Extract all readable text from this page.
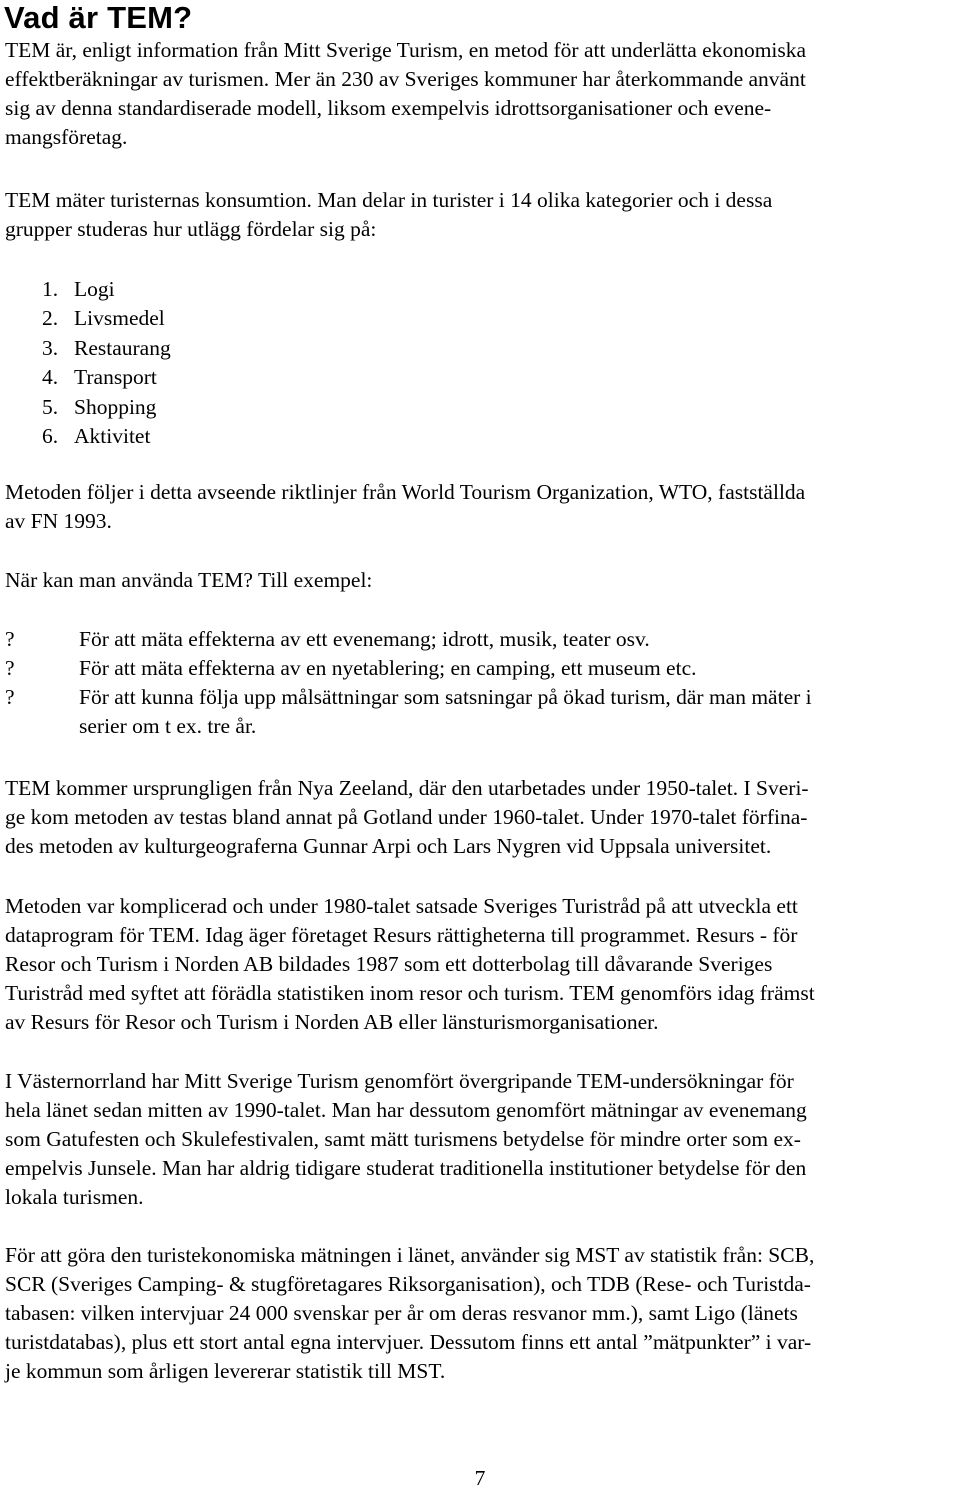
Vad är TEM?
TEM är, enligt information från Mitt Sverige Turism, en metod för att underlätta ekonomiska
effektberäkningar av turismen. Mer än 230 av Sveriges kommuner har återkommande använt
sig av denna standardiserade modell, liksom exempelvis idrottsorganisationer och evene-
mangsföretag.
TEM mäter turisternas konsumtion. Man delar in turister i 14 olika kategorier och i dessa
grupper studeras hur utlägg fördelar sig på:
1. Logi
2. Livsmedel
3. Restaurang
4. Transport
5. Shopping
6. Aktivitet
Metoden följer i detta avseende riktlinjer från World Tourism Organization, WTO, fastställda
av FN 1993.
När kan man använda TEM? Till exempel:
?	För att mäta effekterna av ett evenemang; idrott, musik, teater osv.
?	För att mäta effekterna av en nyetablering; en camping, ett museum etc.
?	För att kunna följa upp målsättningar som satsningar på ökad turism, där man mäter i
serier om t ex. tre år.
TEM kommer ursprungligen från Nya Zeeland, där den utarbetades under 1950-talet. I Sveri-
ge kom metoden av testas bland annat på Gotland under 1960-talet. Under 1970-talet förfina-
des metoden av kulturgeograferna Gunnar Arpi och Lars Nygren vid Uppsala universitet.
Metoden var komplicerad och under 1980-talet satsade Sveriges Turistråd på att utveckla ett
dataprogram för TEM. Idag äger företaget Resurs rättigheterna till programmet. Resurs - för
Resor och Turism i Norden AB bildades 1987 som ett dotterbolag till dåvarande Sveriges
Turistråd med syftet att förädla statistiken inom resor och turism. TEM genomförs idag främst
av Resurs för Resor och Turism i Norden AB eller länsturismorganisationer.
I Västernorrland har Mitt Sverige Turism genomfört övergripande TEM-undersökningar för
hela länet sedan mitten av 1990-talet. Man har dessutom genomfört mätningar av evenemang
som Gatufesten och Skulefestivalen, samt mätt turismens betydelse för mindre orter som ex-
empelvis Junsele. Man har aldrig tidigare studerat traditionella institutioner betydelse för den
lokala turismen.
För att göra den turistekonomiska mätningen i länet, använder sig MST av statistik från: SCB,
SCR (Sveriges Camping- & stugföretagares Riksorganisation), och TDB (Rese- och Turistda-
tabasen: vilken intervjuar 24 000 svenskar per år om deras resvanor mm.), samt Ligo (länets
turistdatabas), plus ett stort antal egna intervjuer. Dessutom finns ett antal ”mätpunkter” i var-
je kommun som årligen levererar statistik till MST.
7
